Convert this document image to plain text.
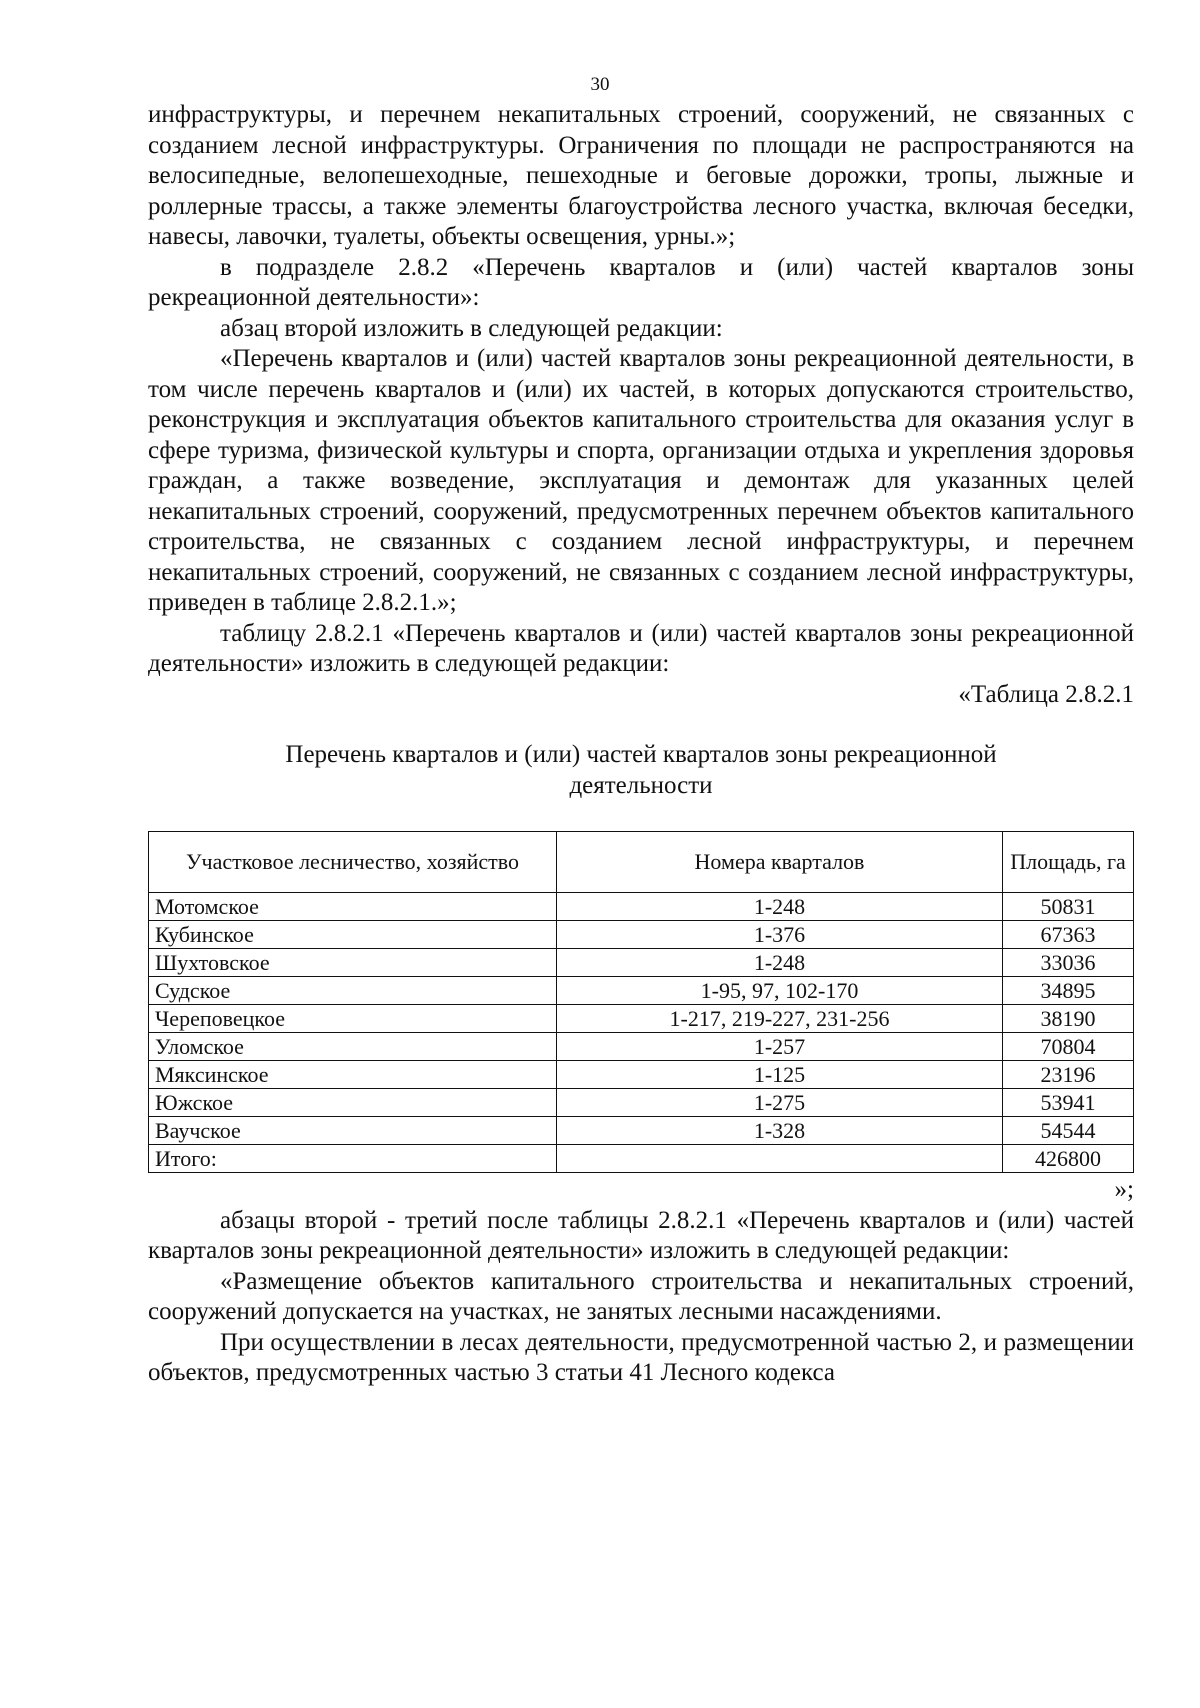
30

инфраструктуры, и перечнем некапитальных строений, сооружений, не связанных с созданием лесной инфраструктуры. Ограничения по площади не распространяются на велосипедные, велопешеходные, пешеходные и беговые дорожки, тропы, лыжные и роллерные трассы, а также элементы благоустройства лесного участка, включая беседки, навесы, лавочки, туалеты, объекты освещения, урны.»;

в подразделе 2.8.2 «Перечень кварталов и (или) частей кварталов зоны рекреационной деятельности»:

абзац второй изложить в следующей редакции:

«Перечень кварталов и (или) частей кварталов зоны рекреационной деятельности, в том числе перечень кварталов и (или) их частей, в которых допускаются строительство, реконструкция и эксплуатация объектов капитального строительства для оказания услуг в сфере туризма, физической культуры и спорта, организации отдыха и укрепления здоровья граждан, а также возведение, эксплуатация и демонтаж для указанных целей некапитальных строений, сооружений, предусмотренных перечнем объектов капитального строительства, не связанных с созданием лесной инфраструктуры, и перечнем некапитальных строений, сооружений, не связанных с созданием лесной инфраструктуры, приведен в таблице 2.8.2.1.»;

таблицу 2.8.2.1 «Перечень кварталов и (или) частей кварталов зоны рекреационной деятельности» изложить в следующей редакции:

«Таблица 2.8.2.1

Перечень кварталов и (или) частей кварталов зоны рекреационной деятельности

Участковое лесничество, хозяйство	Номера кварталов	Площадь, га
Мотомское	1-248	50831
Кубинское	1-376	67363
Шухтовское	1-248	33036
Судское	1-95, 97, 102-170	34895
Череповецкое	1-217, 219-227, 231-256	38190
Уломское	1-257	70804
Мяксинское	1-125	23196
Южское	1-275	53941
Ваучское	1-328	54544
Итого:		426800

»;

абзацы второй - третий после таблицы 2.8.2.1 «Перечень кварталов и (или) частей кварталов зоны рекреационной деятельности» изложить в следующей редакции:

«Размещение объектов капитального строительства и некапитальных строений, сооружений допускается на участках, не занятых лесными насаждениями.

При осуществлении в лесах деятельности, предусмотренной частью 2, и размещении объектов, предусмотренных частью 3 статьи 41 Лесного кодекса
